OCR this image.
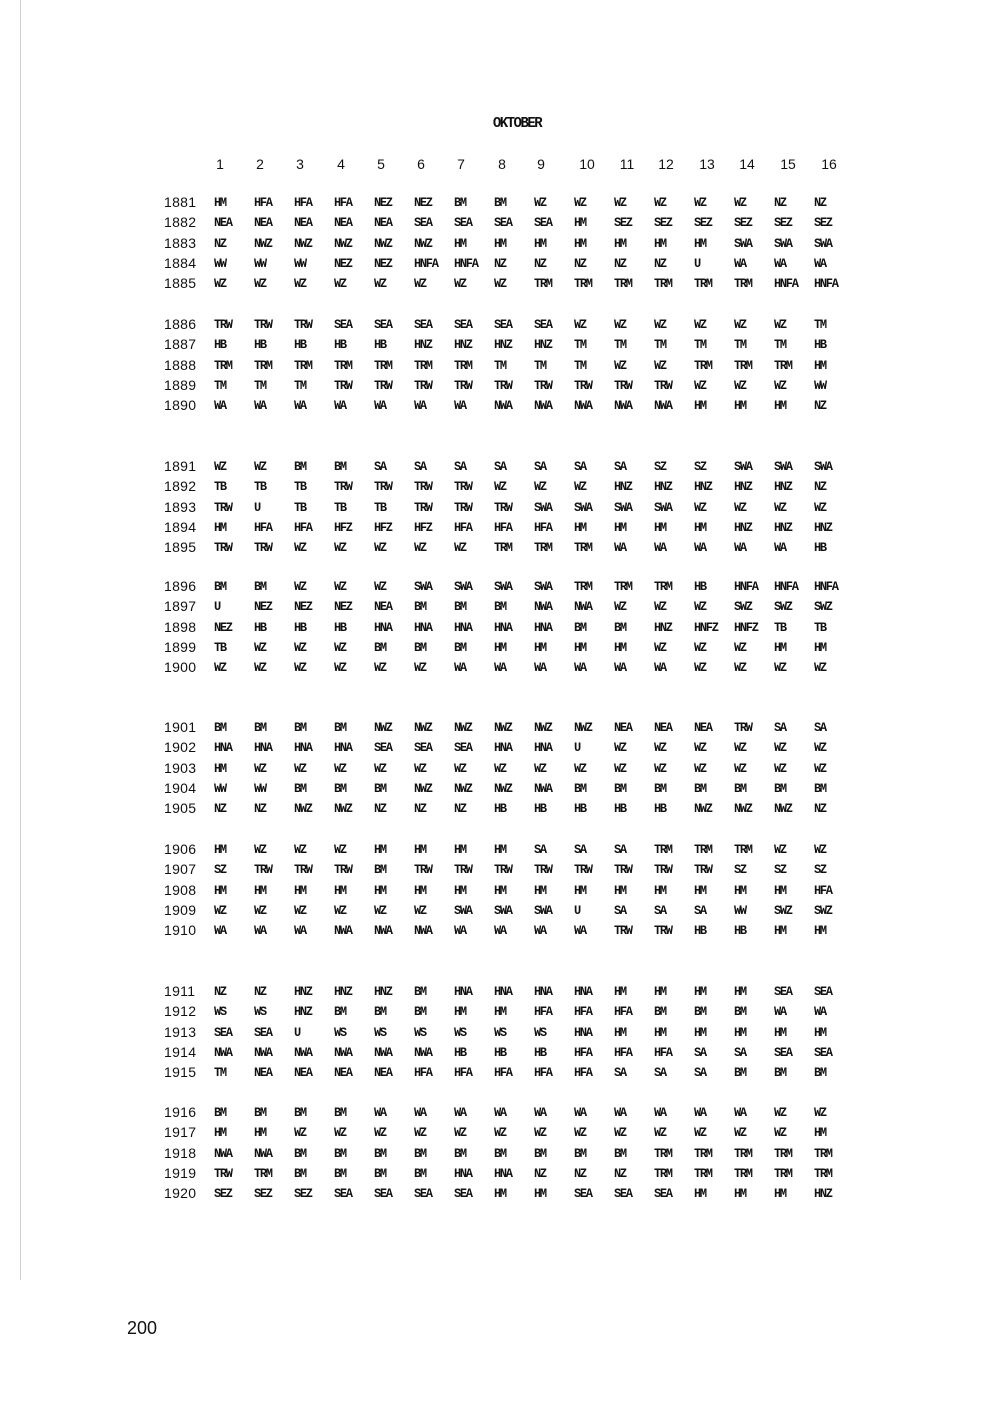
OKTOBER
1	2	3	4	5	6	7	8	9	10	11	12	13	14	15	16
1881 HM HFA HFA HFA NEZ NEZ BM BM WZ WZ WZ WZ WZ WZ NZ NZ
1882 NEA NEA NEA NEA NEA SEA SEA SEA SEA HM SEZ SEZ SEZ SEZ SEZ SEZ
1883 NZ NWZ NWZ NWZ NWZ NWZ HM HM HM HM HM HM HM SWA SWA SWA
1884 WW WW WW NEZ NEZ HNFA HNFA NZ NZ NZ NZ NZ U	WA WA WA
1885 WZ WZ WZ WZ WZ WZ WZ WZ TRM TRM TRM TRM TRM TRM HNFA HNFA
1886 TRW TRW TRW SEA SEA SEA SEA SEA SEA WZ WZ WZ WZ WZ WZ TM
1887 HB HB HB HB HB HNZ HNZ HNZ HNZ TM TM TM TM TM TM HB
1888 TRM TRM TRM TRM TRM TRM TRM TM TM TM WZ WZ TRM TRM TRM HM
1889 TM TM TM TRW TRW TRW TRW TRW TRW TRW TRW TRW WZ WZ WZ WW
1890 WA WA WA WA WA WA WA NWA NWA NWA NWA NWA HM HM HM NZ
1891 WZ WZ BM BM SA SA SA SA SA SA SA SZ SZ SWA SWA SWA
1892 TB TB TB TRW TRW TRW TRW WZ WZ WZ HNZ HNZ HNZ HNZ HNZ NZ
1893 TRW U	TB TB TB TRW TRW TRW SWA SWA SWA SWA WZ WZ WZ WZ
1894 HM HFA HFA HFZ HFZ HFZ HFA HFA HFA HM HM HM HM HNZ HNZ HNZ
1895 TRW TRW WZ WZ WZ WZ WZ TRM TRM TRM WA WA WA WA WA HB
1896 BM BM WZ WZ WZ SWA SWA SWA SWA TRM TRM TRM HB HNFA HNFA HNFA
1897 U	NEZ NEZ NEZ NEA BM BM BM NWA NWA WZ WZ WZ SWZ SWZ SWZ
1898 NEZ HB HB HB HNA HNA HNA HNA HNA BM BM HNZ HNFZ HNFZ TB TB
1899 TB WZ WZ WZ BM BM BM HM HM HM HM WZ WZ WZ HM HM
1900 WZ WZ WZ WZ WZ WZ WA WA WA WA WA WA WZ WZ WZ WZ
1901 BM BM BM BM NWZ NWZ NWZ NWZ NWZ NWZ NEA NEA NEA TRW SA SA
1902 HNA HNA HNA HNA SEA SEA SEA HNA HNA U	WZ WZ WZ WZ WZ WZ
1903 HM WZ WZ WZ WZ WZ WZ WZ WZ WZ WZ WZ WZ WZ WZ WZ
1904 WW WW BM BM BM NWZ NWZ NWZ NWA BM BM BM BM BM BM BM
1905 NZ NZ NWZ NWZ NZ NZ NZ HB HB HB HB HB NWZ NWZ NWZ NZ
1906 HM WZ WZ WZ HM HM HM HM SA SA SA TRM TRM TRM WZ WZ
1907 SZ TRW TRW TRW BM TRW TRW TRW TRW TRW TRW TRW TRW SZ SZ SZ
1908 HM HM HM HM HM HM HM HM HM HM HM HM HM HM HM HFA
1909 WZ WZ WZ WZ WZ WZ SWA SWA SWA U	SA SA SA WW SWZ SWZ
1910 WA WA WA NWA NWA NWA WA WA WA WA TRW TRW HB HB HM HM
1911 NZ NZ HNZ HNZ HNZ BM HNA HNA HNA HNA HM HM HM HM SEA SEA
1912 WS WS HNZ BM BM BM HM HM HFA HFA HFA BM BM BM WA WA
1913 SEA SEA U	WS WS WS WS WS WS HNA HM HM HM HM HM HM
1914 NWA NWA NWA NWA NWA NWA HB HB HB HFA HFA HFA SA SA SEA SEA
1915 TM NEA NEA NEA NEA HFA HFA HFA HFA HFA SA SA SA BM BM BM
1916 BM BM BM BM WA WA WA WA WA WA WA WA WA WA WZ WZ
1917 HM HM WZ WZ WZ WZ WZ WZ WZ WZ WZ WZ WZ WZ WZ HM
1918 NWA NWA BM BM BM BM BM BM BM BM BM TRM TRM TRM TRM TRM
1919 TRW TRM BM BM BM BM HNA HNA NZ NZ NZ TRM TRM TRM TRM TRM
1920 SEZ SEZ SEZ SEA SEA SEA SEA HM HM SEA SEA SEA HM HM HM HNZ
200
